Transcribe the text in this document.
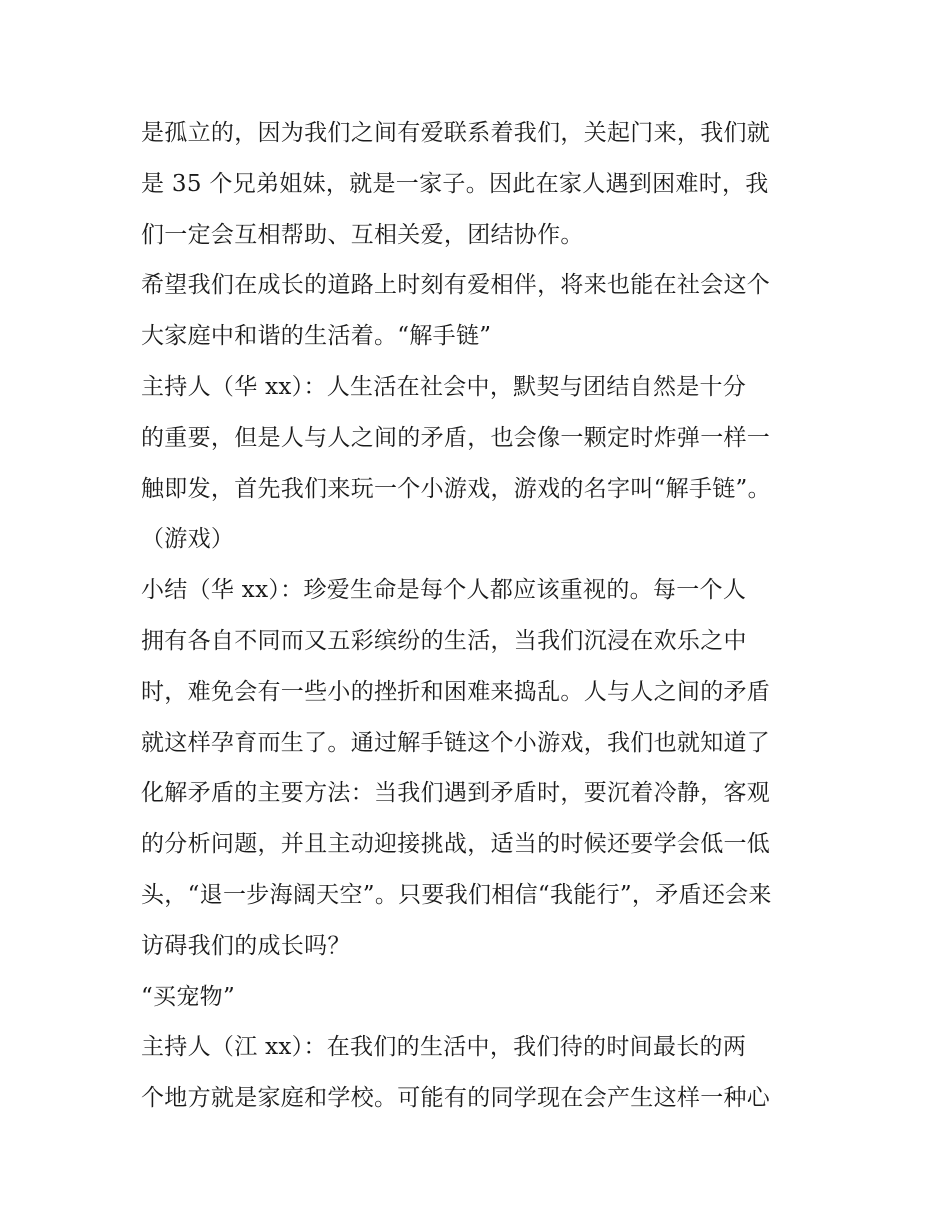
是孤立的，因为我们之间有爱联系着我们，关起门来，我们就
是 35 个兄弟姐妹，就是一家子。因此在家人遇到困难时，我
们一定会互相帮助、互相关爱，团结协作。
希望我们在成长的道路上时刻有爱相伴，将来也能在社会这个
大家庭中和谐的生活着。“解手链”
主持人（华 xx）：人生活在社会中，默契与团结自然是十分
的重要，但是人与人之间的矛盾，也会像一颗定时炸弹一样一
触即发，首先我们来玩一个小游戏，游戏的名字叫“解手链”。
（游戏）
小结（华 xx）：珍爱生命是每个人都应该重视的。每一个人
拥有各自不同而又五彩缤纷的生活，当我们沉浸在欢乐之中
时，难免会有一些小的挫折和困难来捣乱。人与人之间的矛盾
就这样孕育而生了。通过解手链这个小游戏，我们也就知道了
化解矛盾的主要方法：当我们遇到矛盾时，要沉着冷静，客观
的分析问题，并且主动迎接挑战，适当的时候还要学会低一低
头，“退一步海阔天空”。只要我们相信“我能行”，矛盾还会来
访碍我们的成长吗？
“买宠物”
主持人（江 xx）：在我们的生活中，我们待的时间最长的两
个地方就是家庭和学校。可能有的同学现在会产生这样一种心
